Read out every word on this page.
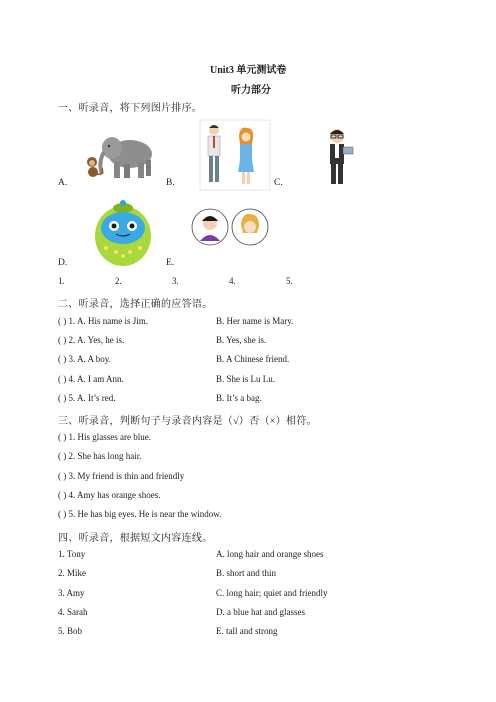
Unit3 单元测试卷
听力部分
一、听录音，将下列图片排序。
A.	B.	C.
D.	E.
1.	2.	3.	4.	5.
二、听录音，选择正确的应答语。
( ) 1. A. His name is Jim.	B. Her name is Mary.
( ) 2. A. Yes, he is.	B. Yes, she is.
( ) 3. A. A boy.	B. A Chinese friend.
( ) 4. A. I am Ann.	B. She is Lu Lu.
( ) 5. A. It’s red.	B. It’s a bag.
三、听录音，判断句子与录音内容是（√）否（×）相符。
( ) 1. His glasses are blue.
( ) 2. She has long hair.
( ) 3. My friend is thin and friendly
( ) 4. Amy has orange shoes.
( ) 5. He has big eyes. He is near the window.
四、听录音，根据短文内容连线。
1. Tony	A. long hair and orange shoes
2. Mike	B. short and thin
3. Amy	C. long hair; quiet and friendly
4. Sarah	D. a blue hat and glasses
5. Bob	E. tall and strong
